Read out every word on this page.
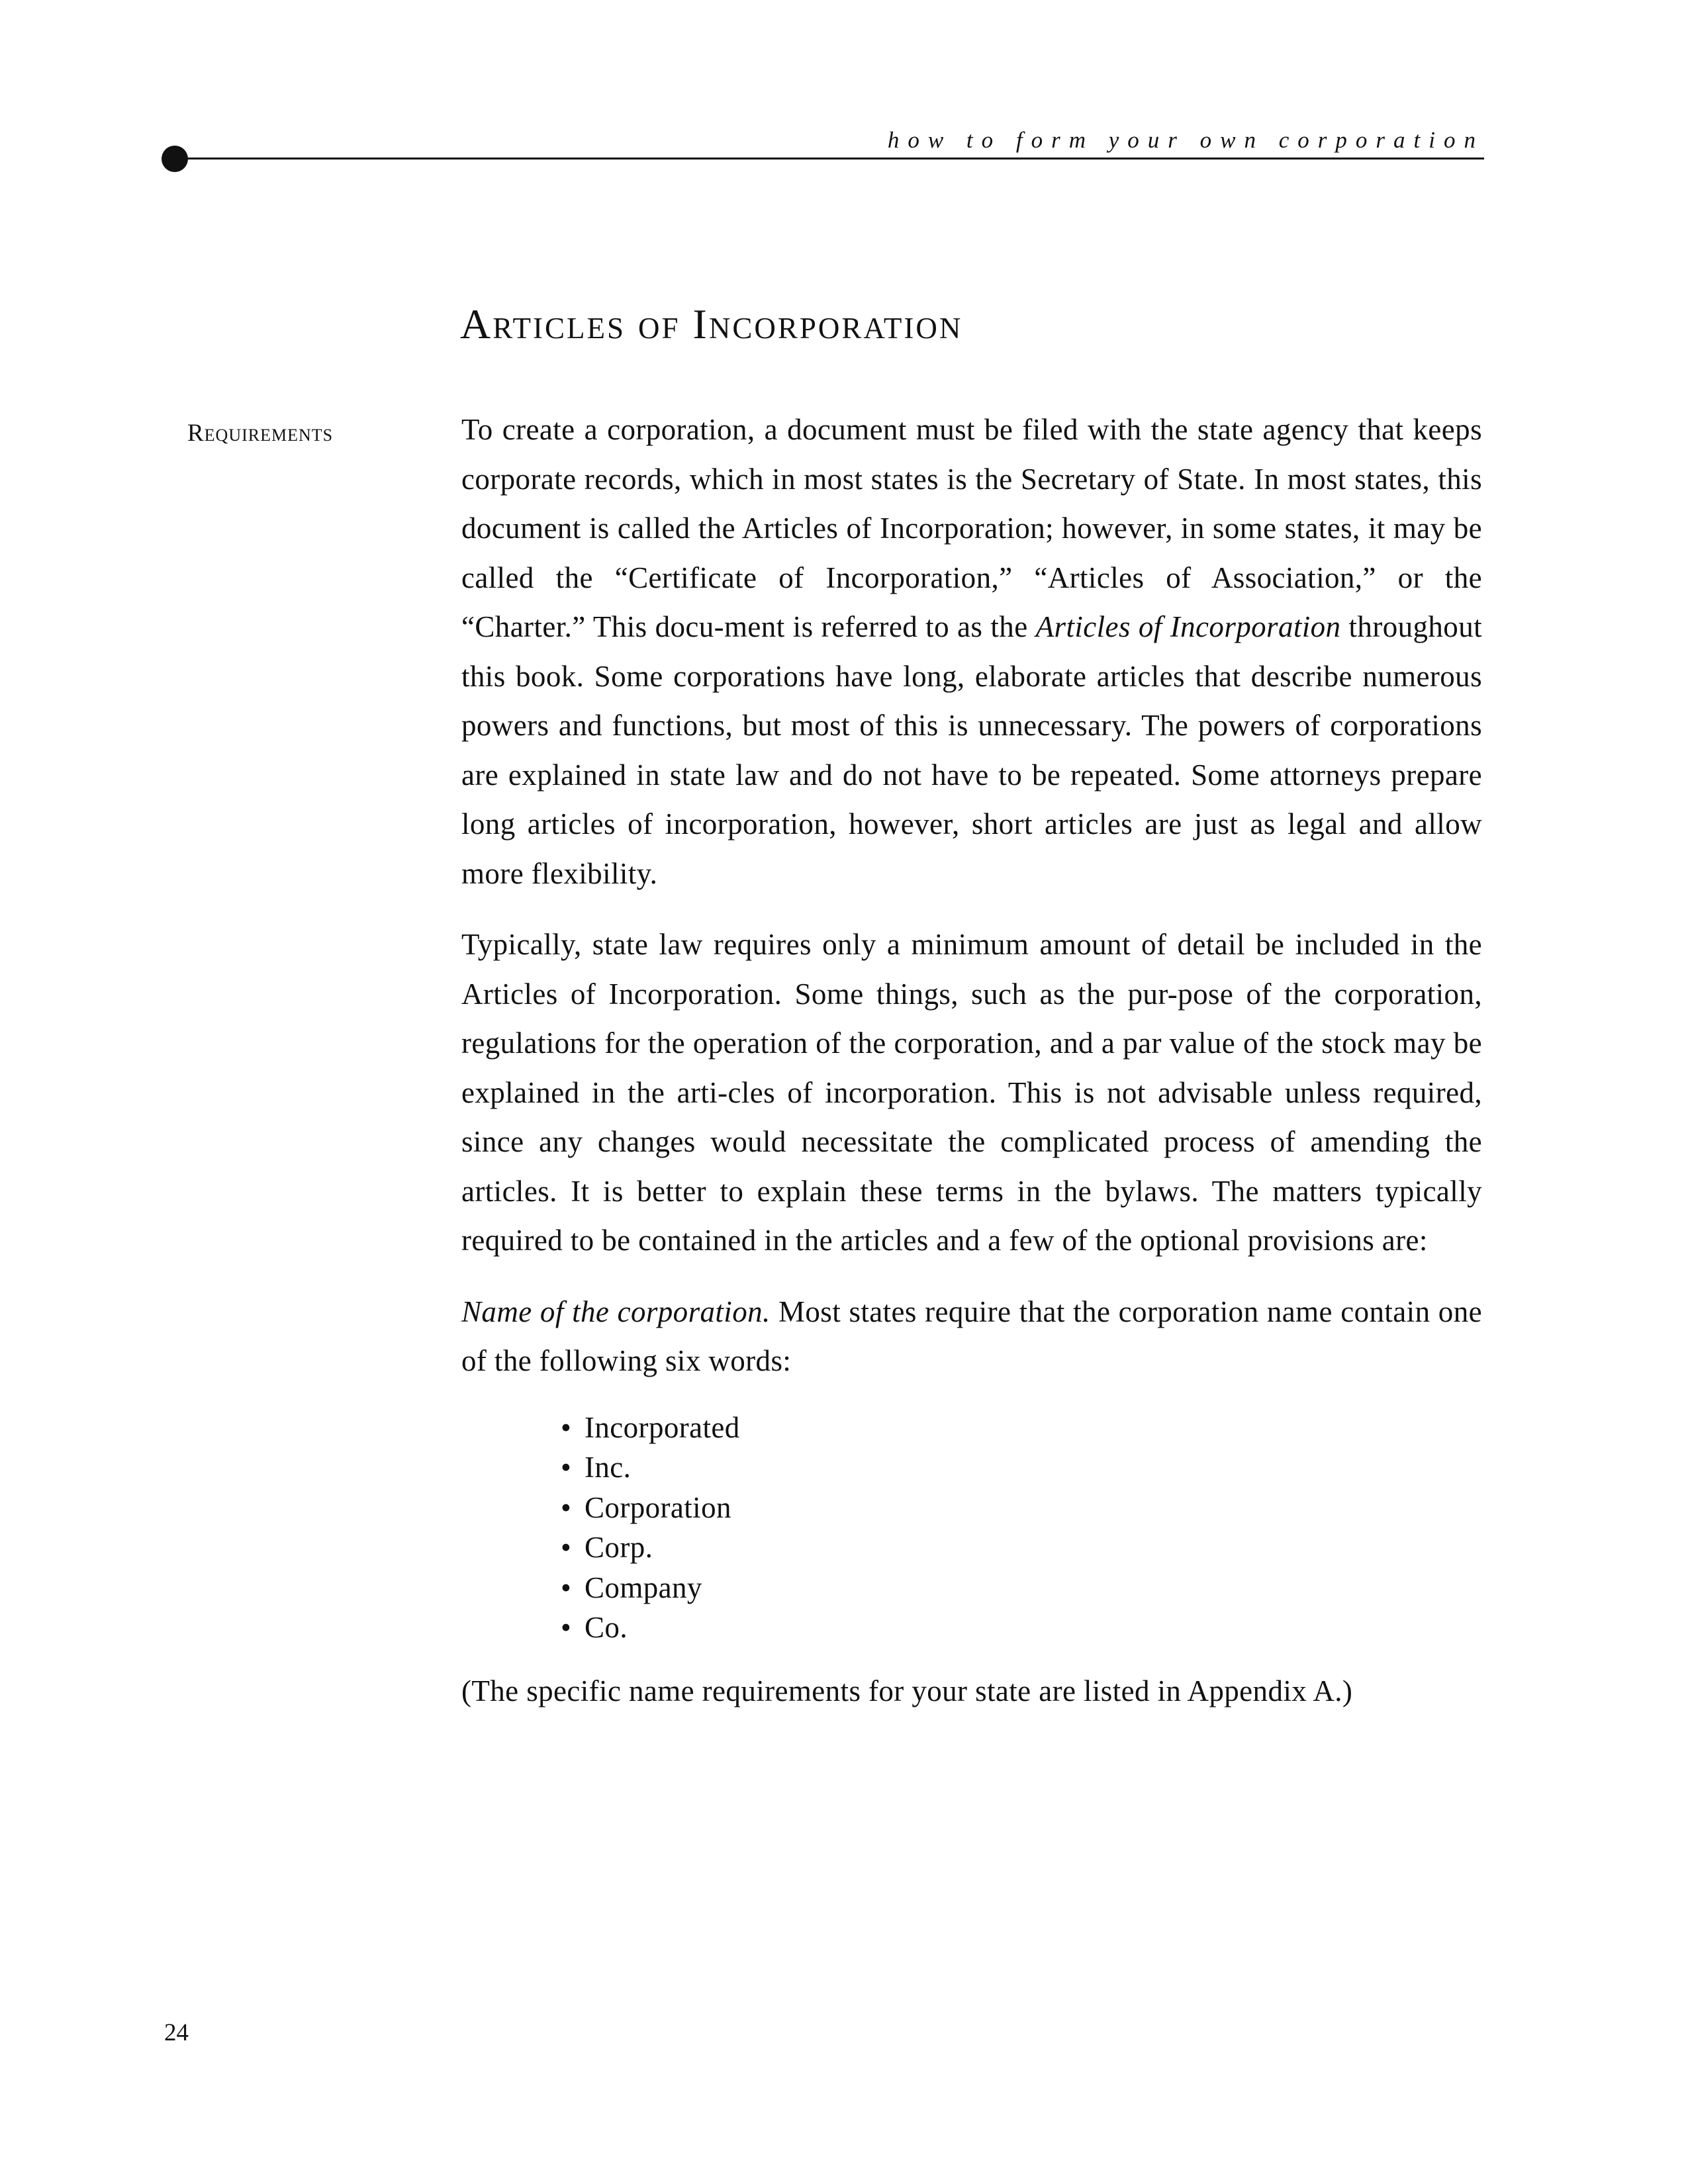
how to form your own corporation
Articles of Incorporation
Requirements	To create a corporation, a document must be filed with the state agency that keeps corporate records, which in most states is the Secretary of State. In most states, this document is called the Articles of Incorporation; however, in some states, it may be called the “Certificate of Incorporation,” “Articles of Association,” or the “Charter.” This docu-ment is referred to as the Articles of Incorporation throughout this book. Some corporations have long, elaborate articles that describe numerous powers and functions, but most of this is unnecessary. The powers of corporations are explained in state law and do not have to be repeated. Some attorneys prepare long articles of incorporation, however, short articles are just as legal and allow more flexibility.

Typically, state law requires only a minimum amount of detail be included in the Articles of Incorporation. Some things, such as the pur-pose of the corporation, regulations for the operation of the corporation, and a par value of the stock may be explained in the arti-cles of incorporation. This is not advisable unless required, since any changes would necessitate the complicated process of amending the articles. It is better to explain these terms in the bylaws. The matters typically required to be contained in the articles and a few of the optional provisions are:

Name of the corporation. Most states require that the corporation name contain one of the following six words:

• Incorporated
• Inc.
• Corporation
• Corp.
• Company
• Co.

(The specific name requirements for your state are listed in Appendix A.)

24
